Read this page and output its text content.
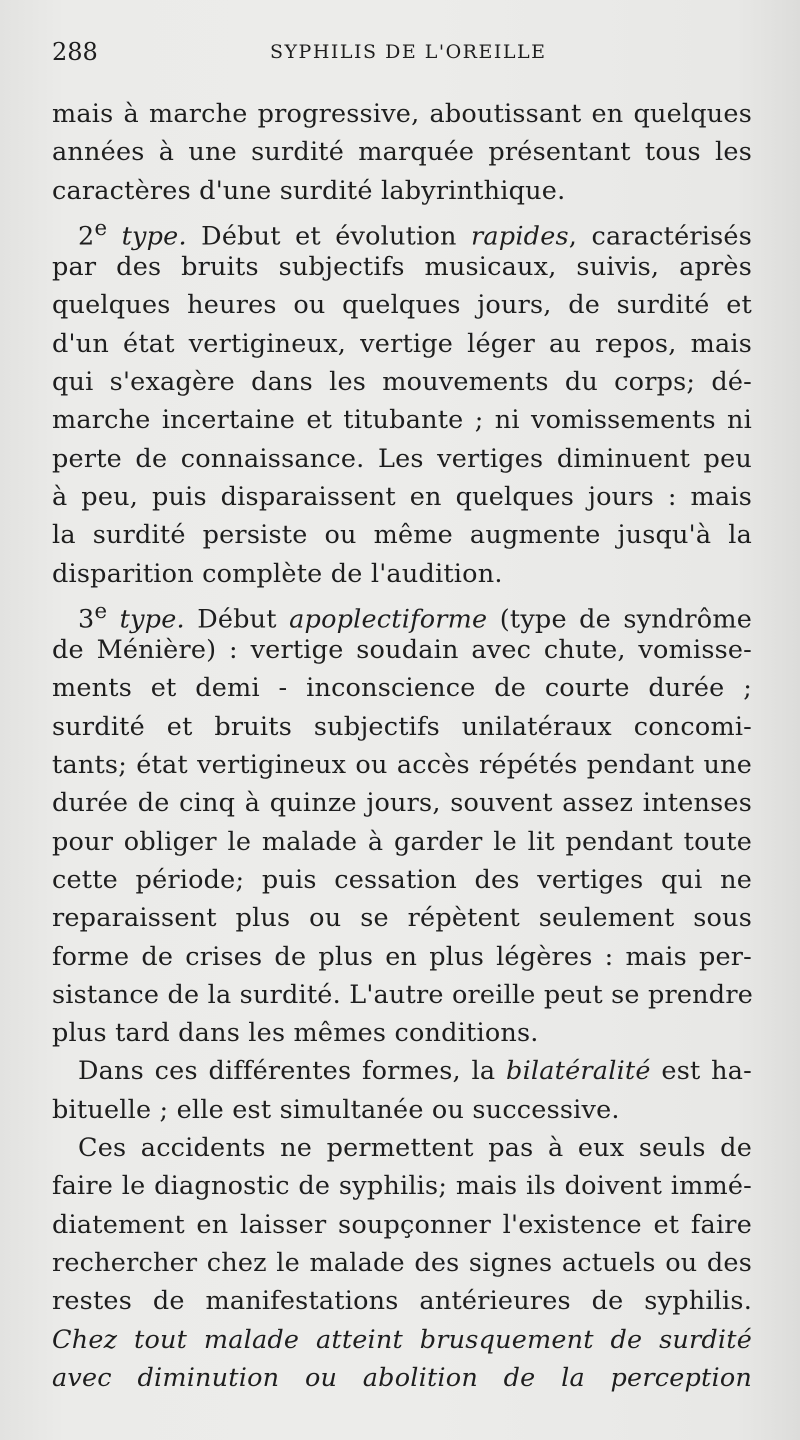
288	SYPHILIS DE L'OREILLE
mais à marche progressive, aboutissant en quelques
années à une surdité marquée présentant tous les
caractères d'une surdité labyrinthique.
2e type. Début et évolution rapides, caractérisés
par des bruits subjectifs musicaux, suivis, après
quelques heures ou quelques jours, de surdité et
d'un état vertigineux, vertige léger au repos, mais
qui s'exagère dans les mouvements du corps; dé-
marche incertaine et titubante ; ni vomissements ni
perte de connaissance. Les vertiges diminuent peu
à peu, puis disparaissent en quelques jours : mais
la surdité persiste ou même augmente jusqu'à la
disparition complète de l'audition.
3e type. Début apoplectiforme (type de syndrôme
de Ménière) : vertige soudain avec chute, vomisse-
ments et demi - inconscience de courte durée ;
surdité et bruits subjectifs unilatéraux concomi-
tants; état vertigineux ou accès répétés pendant une
durée de cinq à quinze jours, souvent assez intenses
pour obliger le malade à garder le lit pendant toute
cette période; puis cessation des vertiges qui ne
reparaissent plus ou se répètent seulement sous
forme de crises de plus en plus légères : mais per-
sistance de la surdité. L'autre oreille peut se prendre
plus tard dans les mêmes conditions.
Dans ces différentes formes, la bilatéralité est ha-
bituelle ; elle est simultanée ou successive.
Ces accidents ne permettent pas à eux seuls de
faire le diagnostic de syphilis; mais ils doivent immé-
diatement en laisser soupçonner l'existence et faire
rechercher chez le malade des signes actuels ou des
restes de manifestations antérieures de syphilis.
Chez tout malade atteint brusquement de surdité
avec diminution ou abolition de la perception
